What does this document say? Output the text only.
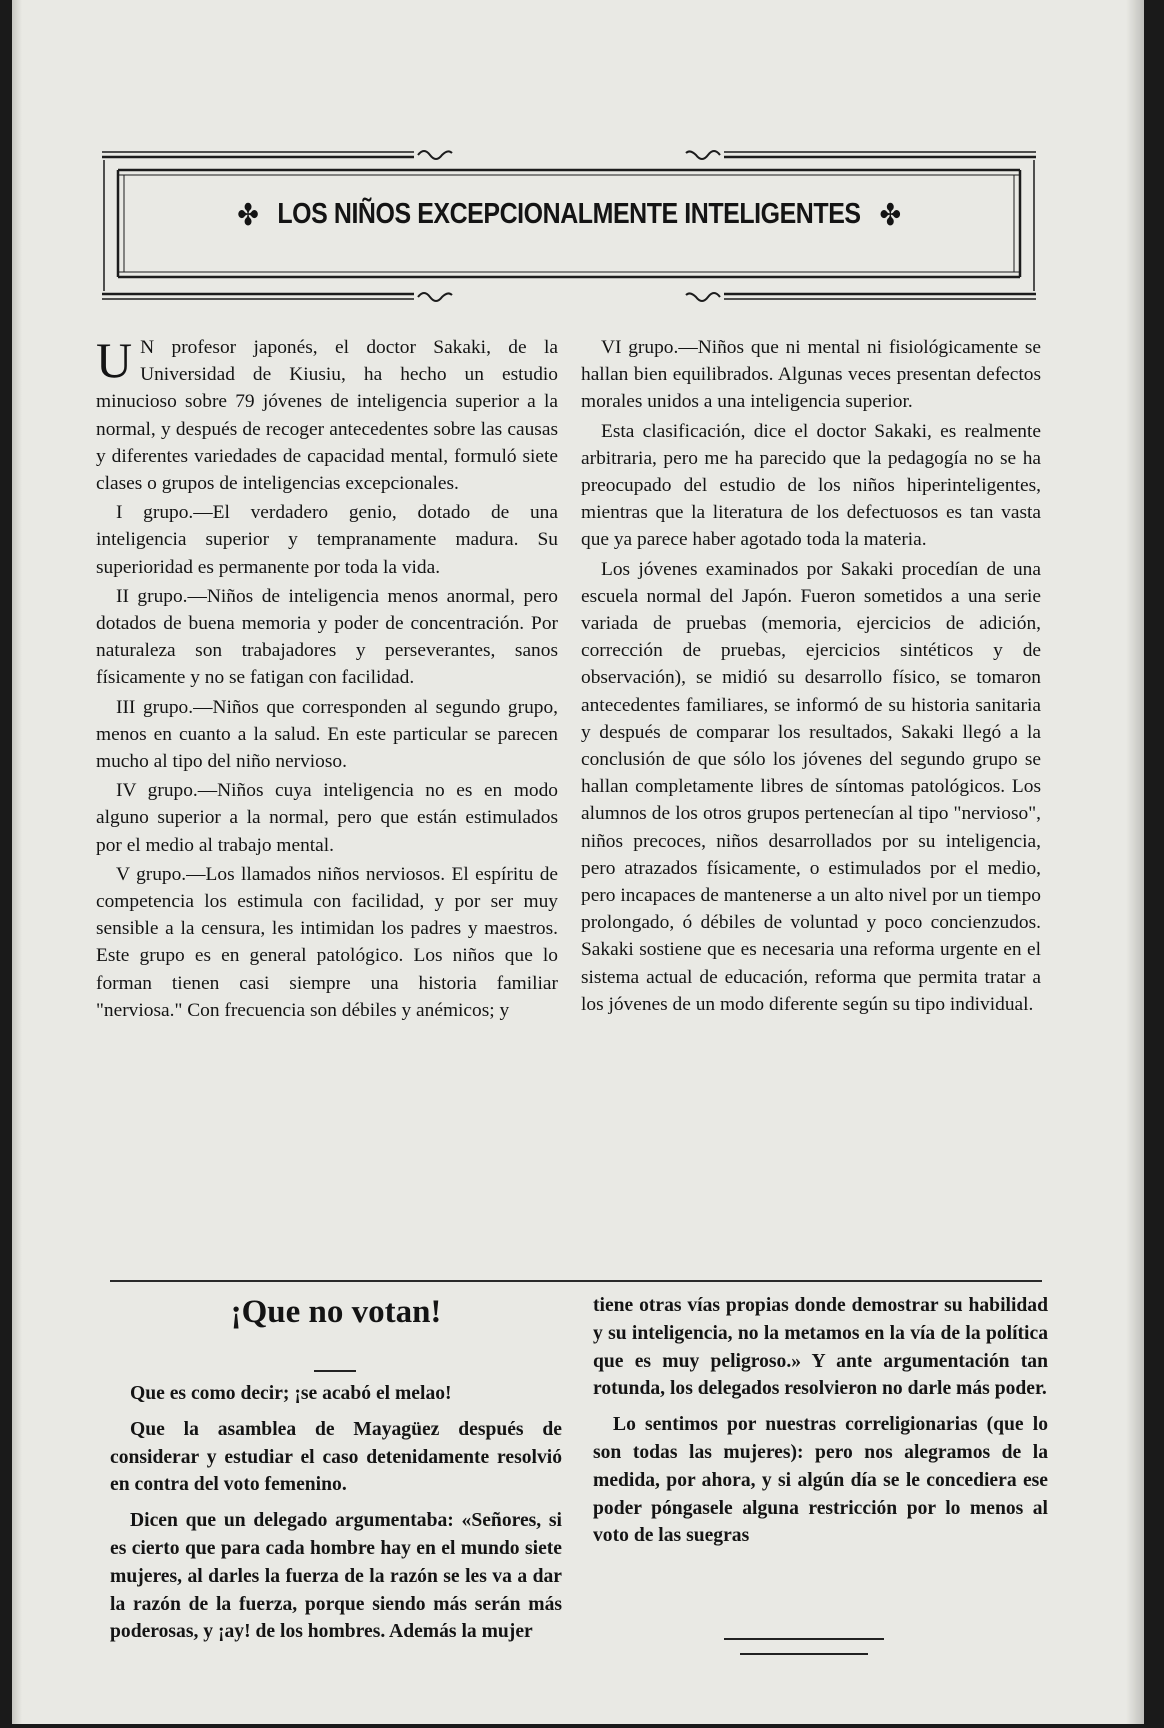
✤ LOS NIÑOS EXCEPCIONALMENTE INTELIGENTES ✤

U N profesor japonés, el doctor Sakaki, de la Universidad de Kiusiu, ha hecho un estudio minucioso sobre 79 jóvenes de inteligencia superior a la normal, y después de recoger antecedentes sobre las causas y diferentes variedades de capacidad mental, formuló siete clases o grupos de inteligencias excepcionales.

I grupo.—El verdadero genio, dotado de una inteligencia superior y tempranamente madura. Su superioridad es permanente por toda la vida.

II grupo.—Niños de inteligencia menos anormal, pero dotados de buena memoria y poder de concentración. Por naturaleza son trabajadores y perseverantes, sanos físicamente y no se fatigan con facilidad.

III grupo.—Niños que corresponden al segundo grupo, menos en cuanto a la salud. En este particular se parecen mucho al tipo del niño nervioso.

IV grupo.—Niños cuya inteligencia no es en modo alguno superior a la normal, pero que están estimulados por el medio al trabajo mental.

V grupo.—Los llamados niños nerviosos. El espíritu de competencia los estimula con facilidad, y por ser muy sensible a la censura, les intimidan los padres y maestros. Este grupo es en general patológico. Los niños que lo forman tienen casi siempre una historia familiar "nerviosa." Con frecuencia son débiles y anémicos; y

VI grupo.—Niños que ni mental ni fisiológicamente se hallan bien equilibrados. Algunas veces presentan defectos morales unidos a una inteligencia superior.

Esta clasificación, dice el doctor Sakaki, es realmente arbitraria, pero me ha parecido que la pedagogía no se ha preocupado del estudio de los niños hiperinteligentes, mientras que la literatura de los defectuosos es tan vasta que ya parece haber agotado toda la materia.

Los jóvenes examinados por Sakaki procedían de una escuela normal del Japón. Fueron sometidos a una serie variada de pruebas (memoria, ejercicios de adición, corrección de pruebas, ejercicios sintéticos y de observación), se midió su desarrollo físico, se tomaron antecedentes familiares, se informó de su historia sanitaria y después de comparar los resultados, Sakaki llegó a la conclusión de que sólo los jóvenes del segundo grupo se hallan completamente libres de síntomas patológicos. Los alumnos de los otros grupos pertenecían al tipo "nervioso", niños precoces, niños desarrollados por su inteligencia, pero atrazados físicamente, o estimulados por el medio, pero incapaces de mantenerse a un alto nivel por un tiempo prolongado, ó débiles de voluntad y poco concienzudos. Sakaki sostiene que es necesaria una reforma urgente en el sistema actual de educación, reforma que permita tratar a los jóvenes de un modo diferente según su tipo individual.

¡Que no votan!

Que es como decir; ¡se acabó el melao!

Que la asamblea de Mayagüez después de considerar y estudiar el caso detenidamente resolvió en contra del voto femenino.

Dicen que un delegado argumentaba: «Señores, si es cierto que para cada hombre hay en el mundo siete mujeres, al darles la fuerza de la razón se les va a dar la razón de la fuerza, porque siendo más serán más poderosas, y ¡ay! de los hombres. Además la mujer

tiene otras vías propias donde demostrar su habilidad y su inteligencia, no la metamos en la vía de la política que es muy peligroso.» Y ante argumentación tan rotunda, los delegados resolvieron no darle más poder.

Lo sentimos por nuestras correligionarias (que lo son todas las mujeres): pero nos alegramos de la medida, por ahora, y si algún día se le concediera ese poder póngasele alguna restricción por lo menos al voto de las suegras
